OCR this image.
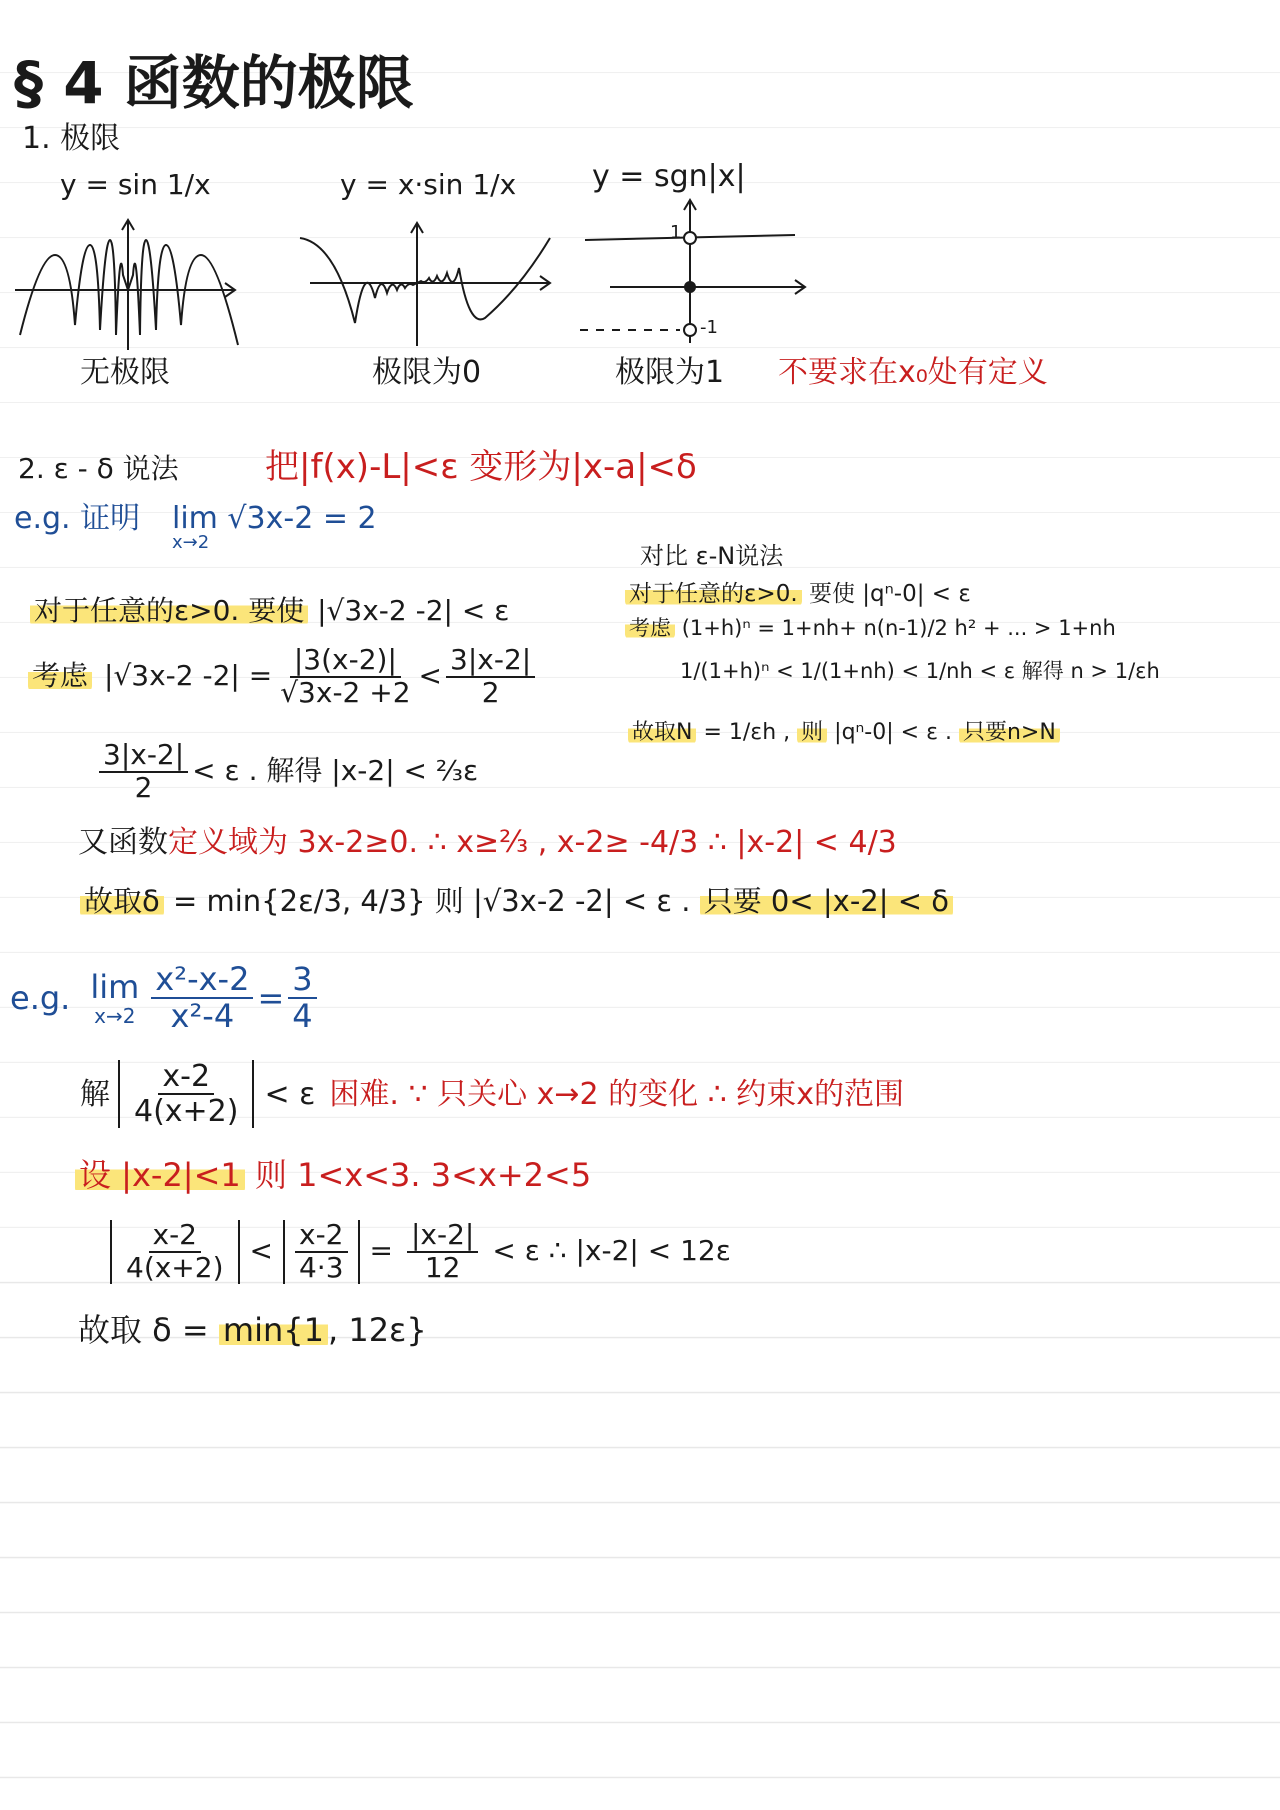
§ 4 函数的极限
1. 极限
y = sin 1/x	y = x·sin 1/x	y = sgn|x|
无极限	极限为0
1
-1
极限为1 不要求在x₀处有定义
2. ε - δ 说法	把|f(x)-L|<ε 变形为|x-a|<δ
e.g. 证明 lim √3x-2 = 2
x→2	对比 ε-N说法
对于任意的ε>0. 要使 |qⁿ-0| < ε
考虑 (1+h)ⁿ = 1+nh+ n(n-1)/2 h² + ... > 1+nh
1/(1+h)ⁿ < 1/(1+nh) < 1/nh < ε 解得 n > 1/εh
故取N = 1/εh , 则 |qⁿ-0| < ε . 只要n>N
对于任意的ε>0. 要使 |√3x-2 -2| < ε
考虑 |√3x-2 $-2| = \frac{|3(x-2)|}{√3x-2 +2} < \frac{3|x-2|}{2}$
$\frac{3|x-2|}{2} < \varepsilon$ . 解得 |x-2| < ⅔ε
又函数定义域为 3x-2≥0. ∴ x≥⅔ , x-2≥ -4/3 ∴ |x-2| < 4/3
故取δ = min{2ε/3, 4/3} 则 |√3x-2 -2| < ε . 只要 0< |x-2| < δ
e.g. lim
$x\to 2 \frac{\text{x²-x-2}}{\text{x²-4}} = \frac{3}{4}$
解 $\frac{x-2}{4(x+2)} < \varepsilon$ 困难. ∵ 只关心 x→2 的变化 ∴ 约束x的范围
设 |x-2|<1 则 1<x<3. 3<x+2<5
$\frac{x-2}{4(x+2)} < \frac{x-2}{4\cdot 3} = \frac{|x-2|}{12} < \varepsilon$ ∴ |x-2| < 12ε
故取 δ = min{1 , 12ε}
